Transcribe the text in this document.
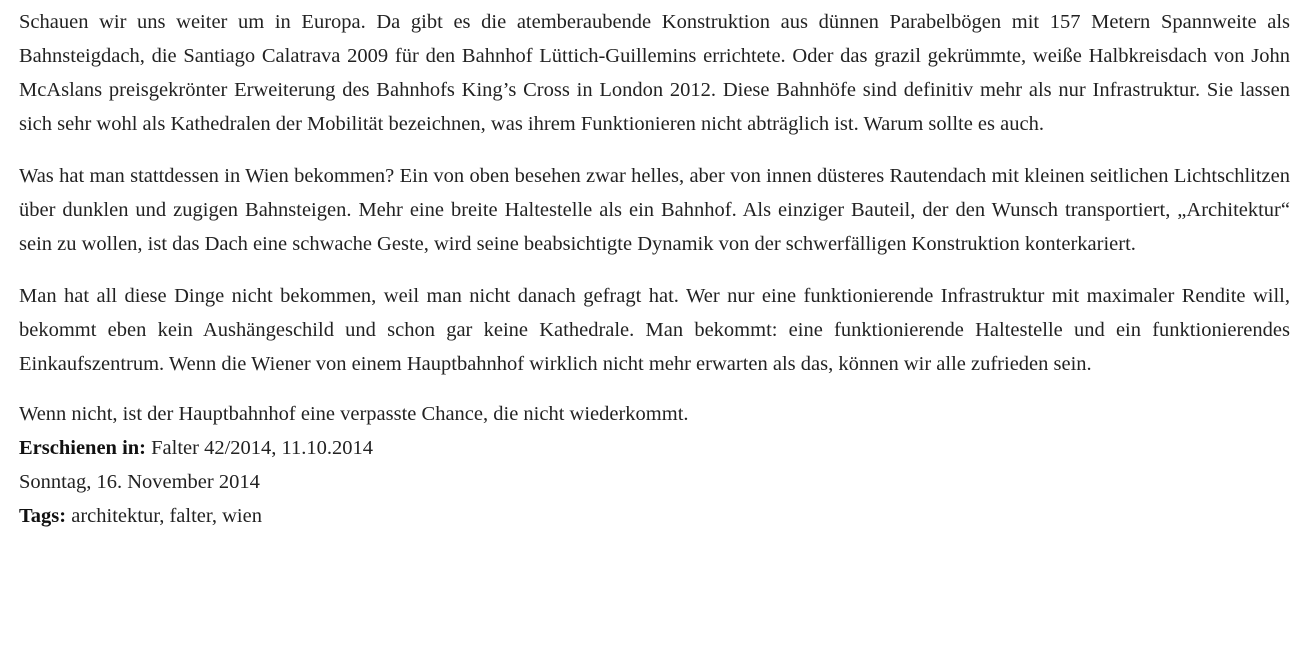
Schauen wir uns weiter um in Europa. Da gibt es die atemberaubende Konstruktion aus dünnen Parabelbögen mit 157 Metern Spannweite als Bahnsteigdach, die Santiago Calatrava 2009 für den Bahnhof Lüttich-Guillemins errichtete. Oder das grazil gekrümmte, weiße Halbkreisdach von John McAslans preisgekrönter Erweiterung des Bahnhofs King’s Cross in London 2012. Diese Bahnhöfe sind definitiv mehr als nur Infrastruktur. Sie lassen sich sehr wohl als Kathedralen der Mobilität bezeichnen, was ihrem Funktionieren nicht abträglich ist. Warum sollte es auch.

Was hat man stattdessen in Wien bekommen? Ein von oben besehen zwar helles, aber von innen düsteres Rautendach mit kleinen seitlichen Lichtschlitzen über dunklen und zugigen Bahnsteigen. Mehr eine breite Haltestelle als ein Bahnhof. Als einziger Bauteil, der den Wunsch transportiert, „Architektur“ sein zu wollen, ist das Dach eine schwache Geste, wird seine beabsichtigte Dynamik von der schwerfälligen Konstruktion konterkariert.

Man hat all diese Dinge nicht bekommen, weil man nicht danach gefragt hat. Wer nur eine funktionierende Infrastruktur mit maximaler Rendite will, bekommt eben kein Aushängeschild und schon gar keine Kathedrale. Man bekommt: eine funktionierende Haltestelle und ein funktionierendes Einkaufszentrum. Wenn die Wiener von einem Hauptbahnhof wirklich nicht mehr erwarten als das, können wir alle zufrieden sein.

Wenn nicht, ist der Hauptbahnhof eine verpasste Chance, die nicht wiederkommt.
Erschienen in: Falter 42/2014, 11.10.2014
Sonntag, 16. November 2014
Tags: architektur, falter, wien
